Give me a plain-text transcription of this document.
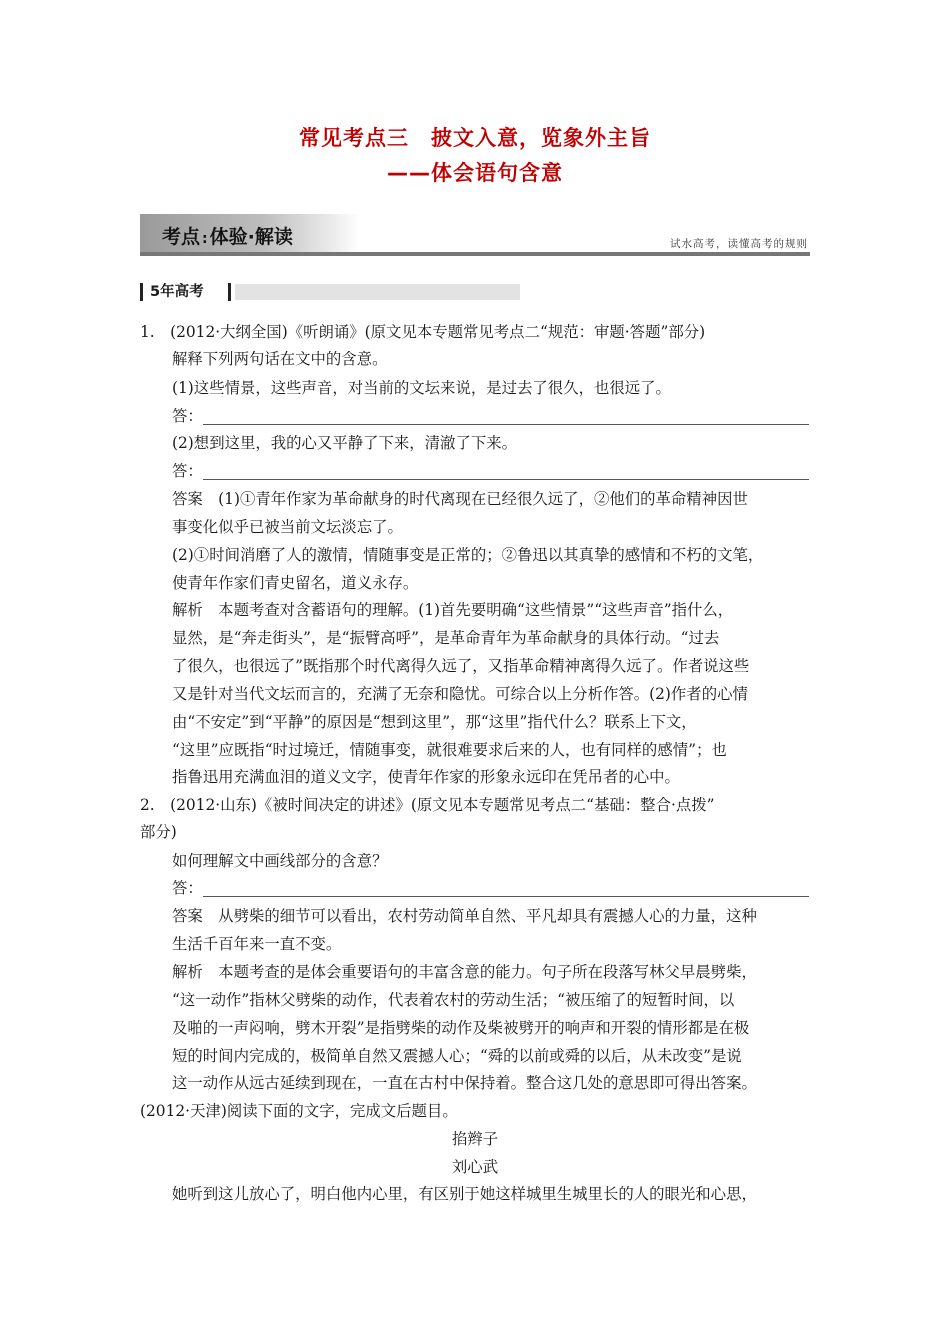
常见考点三 披文入意，览象外主旨
——体会语句含意
考点 : 体验·解读	试水高考，读懂高考的规则
5年高考
1.　(2012·大纲全国)《听朗诵》(原文见本专题常见考点二“规范：审题·答题”部分)
解释下列两句话在文中的含意。
(1)这些情景，这些声音，对当前的文坛来说，是过去了很久，也很远了。
答：
(2)想到这里，我的心又平静了下来，清澈了下来。
答：
答案　(1)①青年作家为革命献身的时代离现在已经很久远了，②他们的革命精神因世
事变化似乎已被当前文坛淡忘了。
(2)①时间消磨了人的激情，情随事变是正常的；②鲁迅以其真挚的感情和不朽的文笔，
使青年作家们青史留名，道义永存。
解析　本题考查对含蓄语句的理解。(1)首先要明确“这些情景”“这些声音”指什么，
显然，是“奔走街头”，是“振臂高呼”，是革命青年为革命献身的具体行动。“过去
了很久，也很远了”既指那个时代离得久远了，又指革命精神离得久远了。作者说这些
又是针对当代文坛而言的，充满了无奈和隐忧。可综合以上分析作答。(2)作者的心情
由“不安定”到“平静”的原因是“想到这里”，那“这里”指代什么？联系上下文，
“这里”应既指“时过境迁，情随事变，就很难要求后来的人，也有同样的感情”；也
指鲁迅用充满血泪的道义文字，使青年作家的形象永远印在凭吊者的心中。
2.　(2012·山东)《被时间决定的讲述》(原文见本专题常见考点二“基础：整合·点拨”
部分)
如何理解文中画线部分的含意？
答：
答案　从劈柴的细节可以看出，农村劳动简单自然、平凡却具有震撼人心的力量，这种
生活千百年来一直不变。
解析　本题考查的是体会重要语句的丰富含意的能力。句子所在段落写林父早晨劈柴，
“这一动作”指林父劈柴的动作，代表着农村的劳动生活；“被压缩了的短暂时间，以
及啪的一声闷响，劈木开裂”是指劈柴的动作及柴被劈开的响声和开裂的情形都是在极
短的时间内完成的，极简单自然又震撼人心；“舜的以前或舜的以后，从未改变”是说
这一动作从远古延续到现在，一直在古村中保持着。整合这几处的意思即可得出答案。
(2012·天津)阅读下面的文字，完成文后题目。
掐辫子
刘心武
她听到这儿放心了，明白他内心里，有区别于她这样城里生城里长的人的眼光和心思，
